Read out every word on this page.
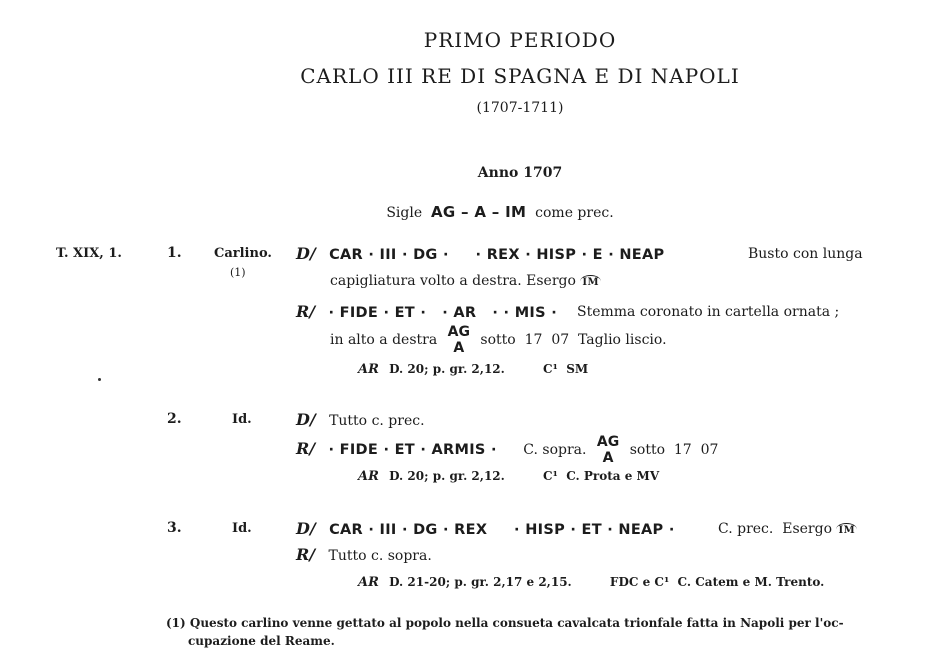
PRIMO PERIODO
CARLO III RE DI SPAGNA E DI NAPOLI
(1707-1711)
Anno 1707
Sigle AG – A – IM come prec.
T. XIX, 1.	1. Carlino.
(1)
D/ CAR · III · DG ·     · REX · HISP · E · NEAP	Busto con lunga
capigliatura volto a destra. Esergo IM
R/ · FIDE · ET ·   · AR   · · MIS · Stemma coronato in cartella ornata ;
in alto a destra AG
A	sotto  17  07  Taglio liscio.
AR D. 20; p. gr. 2,12.	C¹  SM
2.	Id.	D/ Tutto c. prec.
R/ · FIDE · ET · ARMIS · C. sopra. AG
A	sotto  17  07
AR D. 20; p. gr. 2,12.	C¹  C. Prota e MV
3.	Id.	D/ CAR · III · DG · REX     · HISP · ET · NEAP ·	C. prec.  Esergo IM
R/ Tutto c. sopra.
AR D. 21-20; p. gr. 2,17 e 2,15.	FDC e C¹  C. Catem e M. Trento.
(1) Questo carlino venne gettato al popolo nella consueta cavalcata trionfale fatta in Napoli per l'oc-
cupazione del Reame.
